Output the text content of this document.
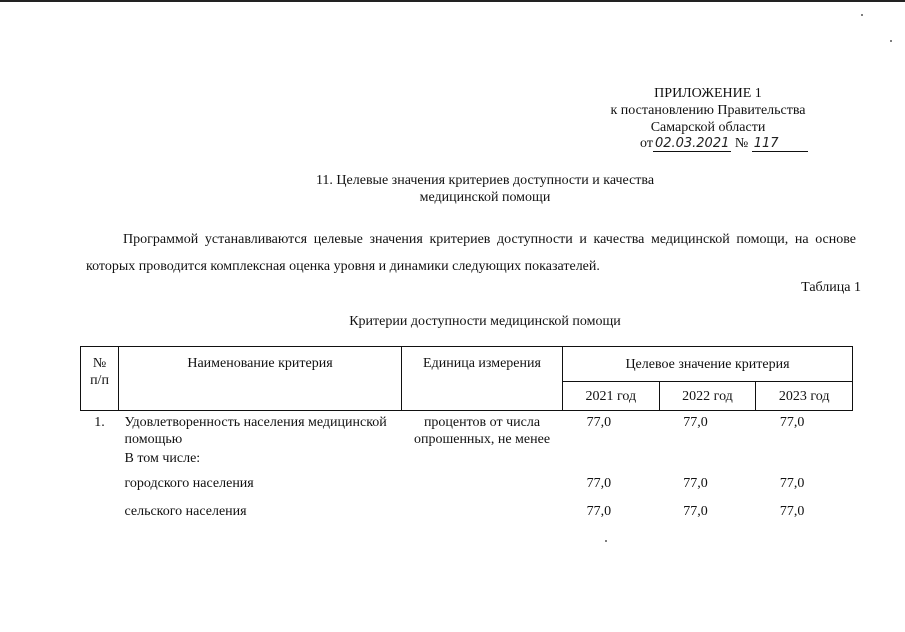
ПРИЛОЖЕНИЕ 1
к постановлению Правительства
Самарской области
от 02.03.2021 № 117
11. Целевые значения критериев доступности и качества
медицинской помощи
Программой устанавливаются целевые значения критериев доступности и качества медицинской помощи, на основе которых проводится комплексная оценка уровня и динамики следующих показателей.
Таблица 1
Критерии доступности медицинской помощи
№ п/п	Наименование критерия	Единица измерения	Целевое значение критерия		
			2021 год	2022 год	2023 год
1.	Удовлетворенность населения медицинской помощью	процентов от числа опрошенных, не менее	77,0	77,0	77,0
	В том числе:				
	городского населения		77,0	77,0	77,0
	сельского населения		77,0	77,0	77,0
